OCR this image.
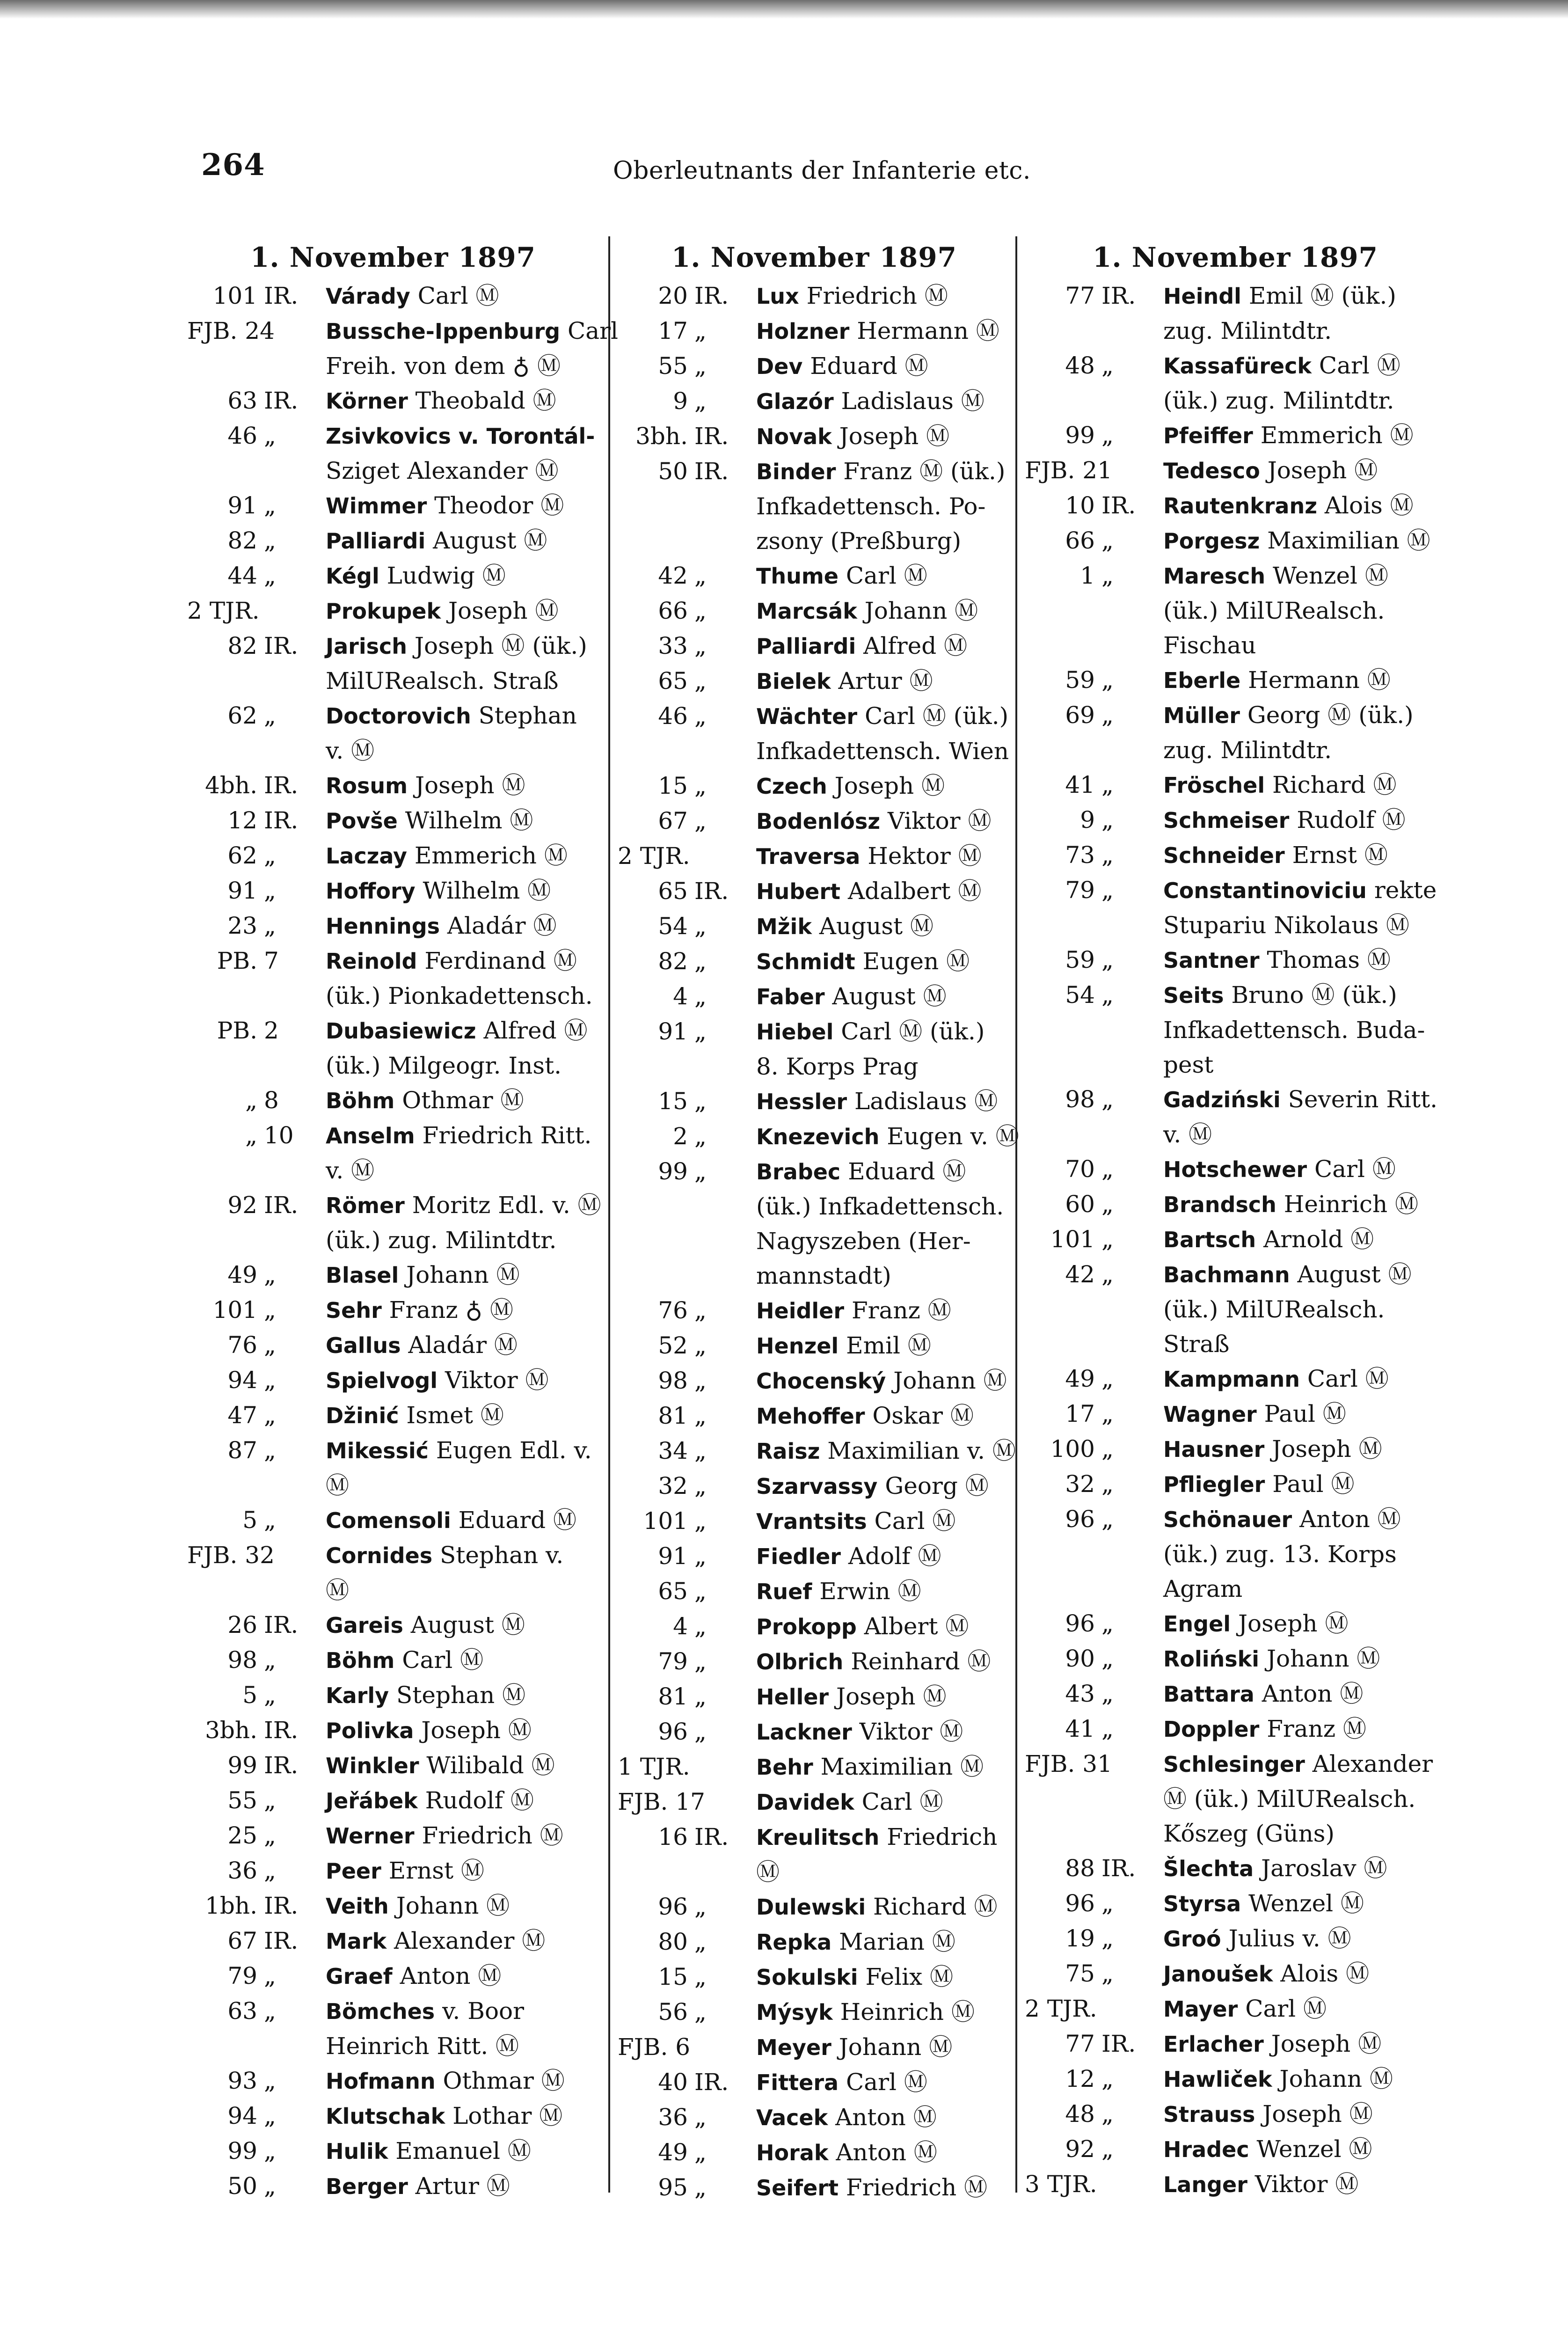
264	Oberleutnants der Infanterie etc.
1. November 1897
101 IR.	Várady Carl Ⓜ
FJB. 24 Bussche-Ippenburg Carl
Freih. von dem ♁ Ⓜ
63 IR.	Körner Theobald Ⓜ
46 „	Zsivkovics v. Torontál-
Sziget Alexander Ⓜ
91 „	Wimmer Theodor Ⓜ
82 „	Palliardi August Ⓜ
44 „	Kégl Ludwig Ⓜ
2 TJR.	Prokupek Joseph Ⓜ
82 IR.	Jarisch Joseph Ⓜ (ük.)
MilURealsch. Straß
62 „	Doctorovich Stephan
v. Ⓜ
4bh. IR.	Rosum Joseph Ⓜ
12 IR.	Povše Wilhelm Ⓜ
62 „	Laczay Emmerich Ⓜ
91 „	Hoffory Wilhelm Ⓜ
23 „	Hennings Aladár Ⓜ
PB. 7	Reinold Ferdinand Ⓜ
(ük.) Pionkadettensch.
PB. 2	Dubasiewicz Alfred Ⓜ
(ük.) Milgeogr. Inst.
„ 8	Böhm Othmar Ⓜ
„ 10	Anselm Friedrich Ritt.
v. Ⓜ
92 IR.	Römer Moritz Edl. v. Ⓜ
(ük.) zug. Milintdtr.
49 „	Blasel Johann Ⓜ
101 „	Sehr Franz ♁ Ⓜ
76 „	Gallus Aladár Ⓜ
94 „	Spielvogl Viktor Ⓜ
47 „	Džinić Ismet Ⓜ
87 „	Mikessić Eugen Edl. v.
Ⓜ
5 „	Comensoli Eduard Ⓜ
FJB. 32 Cornides Stephan v.
Ⓜ
26 IR.	Gareis August Ⓜ
98 „	Böhm Carl Ⓜ
5 „	Karly Stephan Ⓜ
3bh. IR.	Polivka Joseph Ⓜ
99 IR.	Winkler Wilibald Ⓜ
55 „	Jeřábek Rudolf Ⓜ
25 „	Werner Friedrich Ⓜ
36 „	Peer Ernst Ⓜ
1bh. IR.	Veith Johann Ⓜ
67 IR.	Mark Alexander Ⓜ
79 „	Graef Anton Ⓜ
63 „	Bömches v. Boor
Heinrich Ritt. Ⓜ
93 „	Hofmann Othmar Ⓜ
94 „	Klutschak Lothar Ⓜ
99 „	Hulik Emanuel Ⓜ
50 „	Berger Artur Ⓜ
1. November 1897
20 IR.	Lux Friedrich Ⓜ
17 „	Holzner Hermann Ⓜ
55 „	Dev Eduard Ⓜ
9 „	Glazór Ladislaus Ⓜ
3bh. IR.	Novak Joseph Ⓜ
50 IR.	Binder Franz Ⓜ (ük.)
Infkadettensch. Po-
zsony (Preßburg)
42 „	Thume Carl Ⓜ
66 „	Marcsák Johann Ⓜ
33 „	Palliardi Alfred Ⓜ
65 „	Bielek Artur Ⓜ
46 „	Wächter Carl Ⓜ (ük.)
Infkadettensch. Wien
15 „	Czech Joseph Ⓜ
67 „	Bodenlósz Viktor Ⓜ
2 TJR.	Traversa Hektor Ⓜ
65 IR.	Hubert Adalbert Ⓜ
54 „	Mžik August Ⓜ
82 „	Schmidt Eugen Ⓜ
4 „	Faber August Ⓜ
91 „	Hiebel Carl Ⓜ (ük.)
8. Korps Prag
15 „	Hessler Ladislaus Ⓜ
2 „	Knezevich Eugen v. Ⓜ
99 „	Brabec Eduard Ⓜ
(ük.) Infkadettensch.
Nagyszeben (Her-
mannstadt)
76 „	Heidler Franz Ⓜ
52 „	Henzel Emil Ⓜ
98 „	Chocenský Johann Ⓜ
81 „	Mehoffer Oskar Ⓜ
34 „	Raisz Maximilian v. Ⓜ
32 „	Szarvassy Georg Ⓜ
101 „	Vrantsits Carl Ⓜ
91 „	Fiedler Adolf Ⓜ
65 „	Ruef Erwin Ⓜ
4 „	Prokopp Albert Ⓜ
79 „	Olbrich Reinhard Ⓜ
81 „	Heller Joseph Ⓜ
96 „	Lackner Viktor Ⓜ
1 TJR.	Behr Maximilian Ⓜ
FJB. 17 Davidek Carl Ⓜ
16 IR.	Kreulitsch Friedrich
Ⓜ
96 „	Dulewski Richard Ⓜ
80 „	Repka Marian Ⓜ
15 „	Sokulski Felix Ⓜ
56 „	Mýsyk Heinrich Ⓜ
FJB. 6	Meyer Johann Ⓜ
40 IR.	Fittera Carl Ⓜ
36 „	Vacek Anton Ⓜ
49 „	Horak Anton Ⓜ
95 „	Seifert Friedrich Ⓜ
1. November 1897
77 IR.	Heindl Emil Ⓜ (ük.)
zug. Milintdtr.
48 „	Kassafüreck Carl Ⓜ
(ük.) zug. Milintdtr.
99 „	Pfeiffer Emmerich Ⓜ
FJB. 21 Tedesco Joseph Ⓜ
10 IR.	Rautenkranz Alois Ⓜ
66 „	Porgesz Maximilian Ⓜ
1 „	Maresch Wenzel Ⓜ
(ük.) MilURealsch.
Fischau
59 „	Eberle Hermann Ⓜ
69 „	Müller Georg Ⓜ (ük.)
zug. Milintdtr.
41 „	Fröschel Richard Ⓜ
9 „	Schmeiser Rudolf Ⓜ
73 „	Schneider Ernst Ⓜ
79 „	Constantinoviciu rekte
Stupariu Nikolaus Ⓜ
59 „	Santner Thomas Ⓜ
54 „	Seits Bruno Ⓜ (ük.)
Infkadettensch. Buda-
pest
98 „	Gadziński Severin Ritt.
v. Ⓜ
70 „	Hotschewer Carl Ⓜ
60 „	Brandsch Heinrich Ⓜ
101 „	Bartsch Arnold Ⓜ
42 „	Bachmann August Ⓜ
(ük.) MilURealsch.
Straß
49 „	Kampmann Carl Ⓜ
17 „	Wagner Paul Ⓜ
100 „	Hausner Joseph Ⓜ
32 „	Pfliegler Paul Ⓜ
96 „	Schönauer Anton Ⓜ
(ük.) zug. 13. Korps
Agram
96 „	Engel Joseph Ⓜ
90 „	Roliński Johann Ⓜ
43 „	Battara Anton Ⓜ
41 „	Doppler Franz Ⓜ
FJB. 31 Schlesinger Alexander
Ⓜ (ük.) MilURealsch.
Kőszeg (Güns)
88 IR.	Šlechta Jaroslav Ⓜ
96 „	Styrsa Wenzel Ⓜ
19 „	Groó Julius v. Ⓜ
75 „	Janoušek Alois Ⓜ
2 TJR.	Mayer Carl Ⓜ
77 IR.	Erlacher Joseph Ⓜ
12 „	Hawliček Johann Ⓜ
48 „	Strauss Joseph Ⓜ
92 „	Hradec Wenzel Ⓜ
3 TJR.	Langer Viktor Ⓜ
